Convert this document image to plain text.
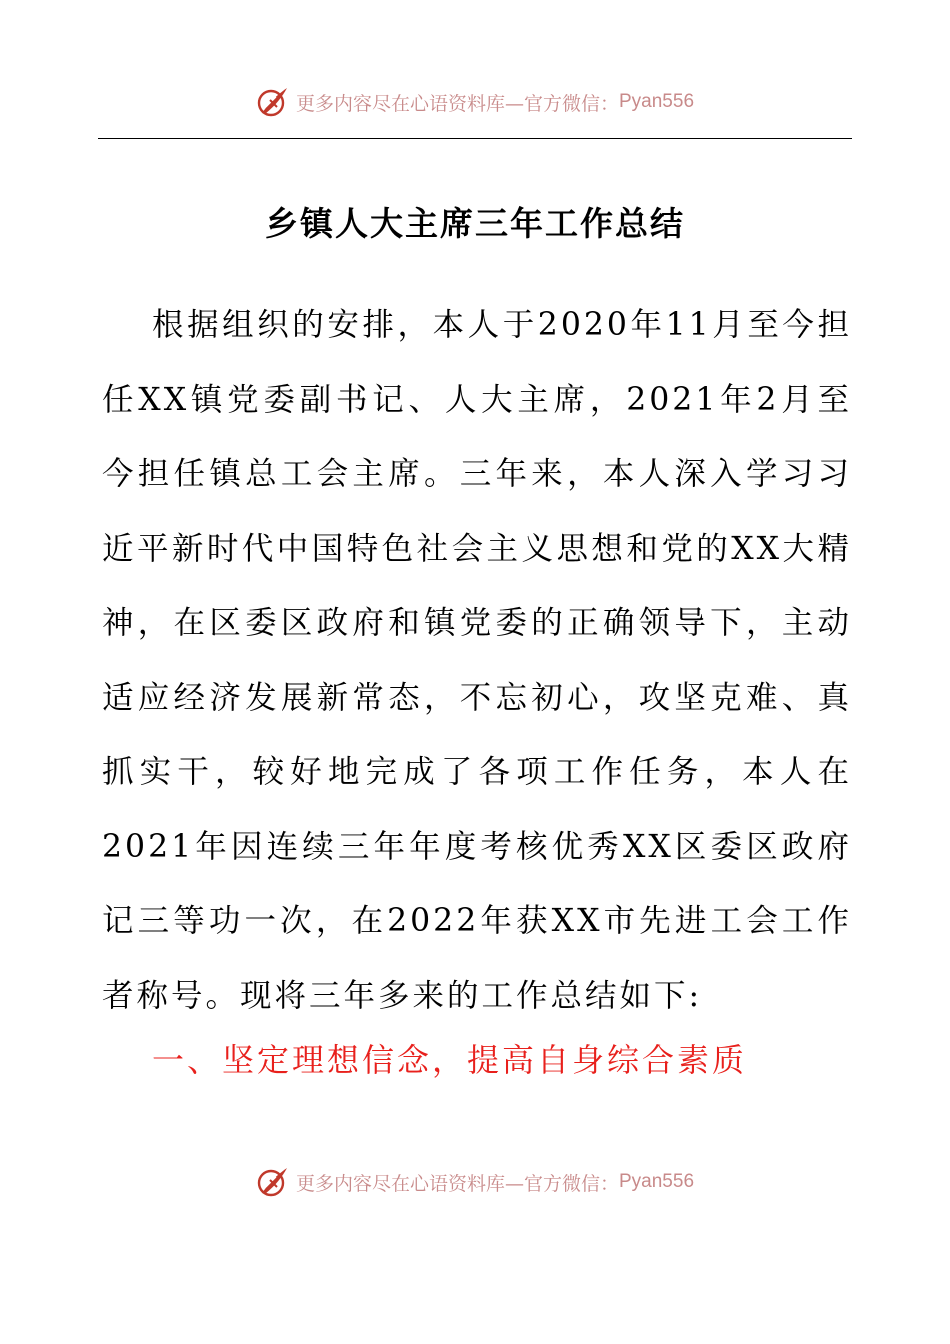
更多内容尽在心语资料库—官方微信： Pyan556
乡镇人大主席三年工作总结

根据组织的安排，本人于2020年11月至今担任XX镇党委副书记、人大主席，2021年2月至今担任镇总工会主席。三年来，本人深入学习习近平新时代中国特色社会主义思想和党的XX大精神，在区委区政府和镇党委的正确领导下，主动适应经济发展新常态，不忘初心，攻坚克难、真抓实干，较好地完成了各项工作任务，本人在2021年因连续三年年度考核优秀XX区委区政府记三等功一次，在2022年获XX市先进工会工作者称号。现将三年多来的工作总结如下:

一、坚定理想信念，提高自身综合素质
更多内容尽在心语资料库—官方微信： Pyan556
